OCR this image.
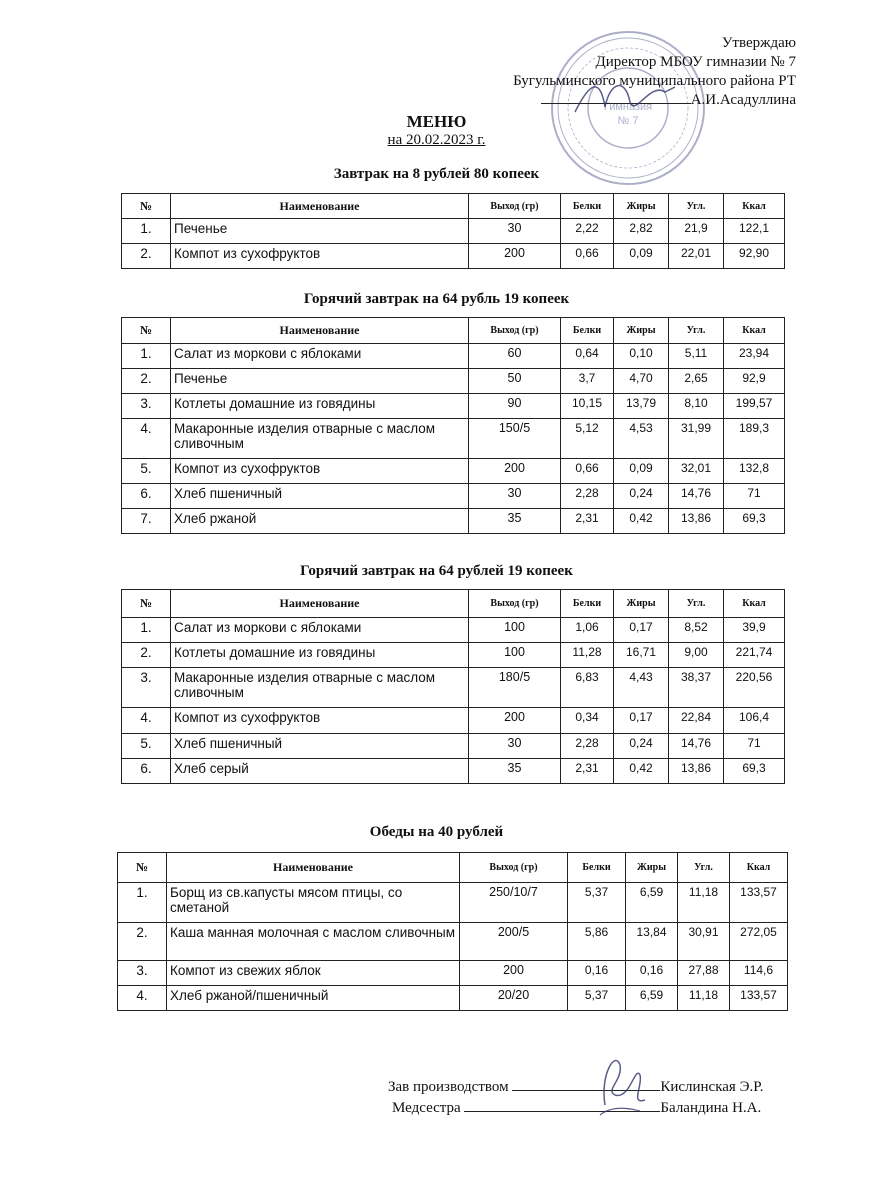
Гимназия
№ 7
Утверждаю
Директор МБОУ гимназии № 7
Бугульминского муниципального района РТ
А.И.Асадуллина
МЕНЮ
на 20.02.2023 г.
Завтрак на 8 рублей 80 копеек
№	Наименование	Выход (гр)	Белки	Жиры	Угл.	Ккал
1.	Печенье	30	2,22	2,82	21,9	122,1
2.	Компот из сухофруктов	200	0,66	0,09	22,01	92,90
Горячий завтрак на 64 рубль 19 копеек
№	Наименование	Выход (гр)	Белки	Жиры	Угл.	Ккал
1.	Салат из моркови с яблоками	60	0,64	0,10	5,11	23,94
2.	Печенье	50	3,7	4,70	2,65	92,9
3.	Котлеты домашние из говядины	90	10,15	13,79	8,10	199,57
4.	Макаронные изделия отварные с маслом сливочным	150/5	5,12	4,53	31,99	189,3
5.	Компот из сухофруктов	200	0,66	0,09	32,01	132,8
6.	Хлеб пшеничный	30	2,28	0,24	14,76	71
7.	Хлеб ржаной	35	2,31	0,42	13,86	69,3
Горячий завтрак на 64 рублей 19 копеек
№	Наименование	Выход (гр)	Белки	Жиры	Угл.	Ккал
1.	Салат из моркови с яблоками	100	1,06	0,17	8,52	39,9
2.	Котлеты домашние из говядины	100	11,28	16,71	9,00	221,74
3.	Макаронные изделия отварные с маслом сливочным	180/5	6,83	4,43	38,37	220,56
4.	Компот из сухофруктов	200	0,34	0,17	22,84	106,4
5.	Хлеб пшеничный	30	2,28	0,24	14,76	71
6.	Хлеб серый	35	2,31	0,42	13,86	69,3
Обеды на 40 рублей
№	Наименование	Выход (гр)	Белки	Жиры	Угл.	Ккал
1.	Борщ из св.капусты мясом птицы, со сметаной	250/10/7	5,37	6,59	11,18	133,57
2.	Каша манная молочная с маслом сливочным	200/5	5,86	13,84	30,91	272,05
3.	Компот из свежих яблок	200	0,16	0,16	27,88	114,6
4.	Хлеб ржаной/пшеничный	20/20	5,37	6,59	11,18	133,57
Зав производством	Кислинская Э.Р.
Медсестра	Баландина Н.А.
